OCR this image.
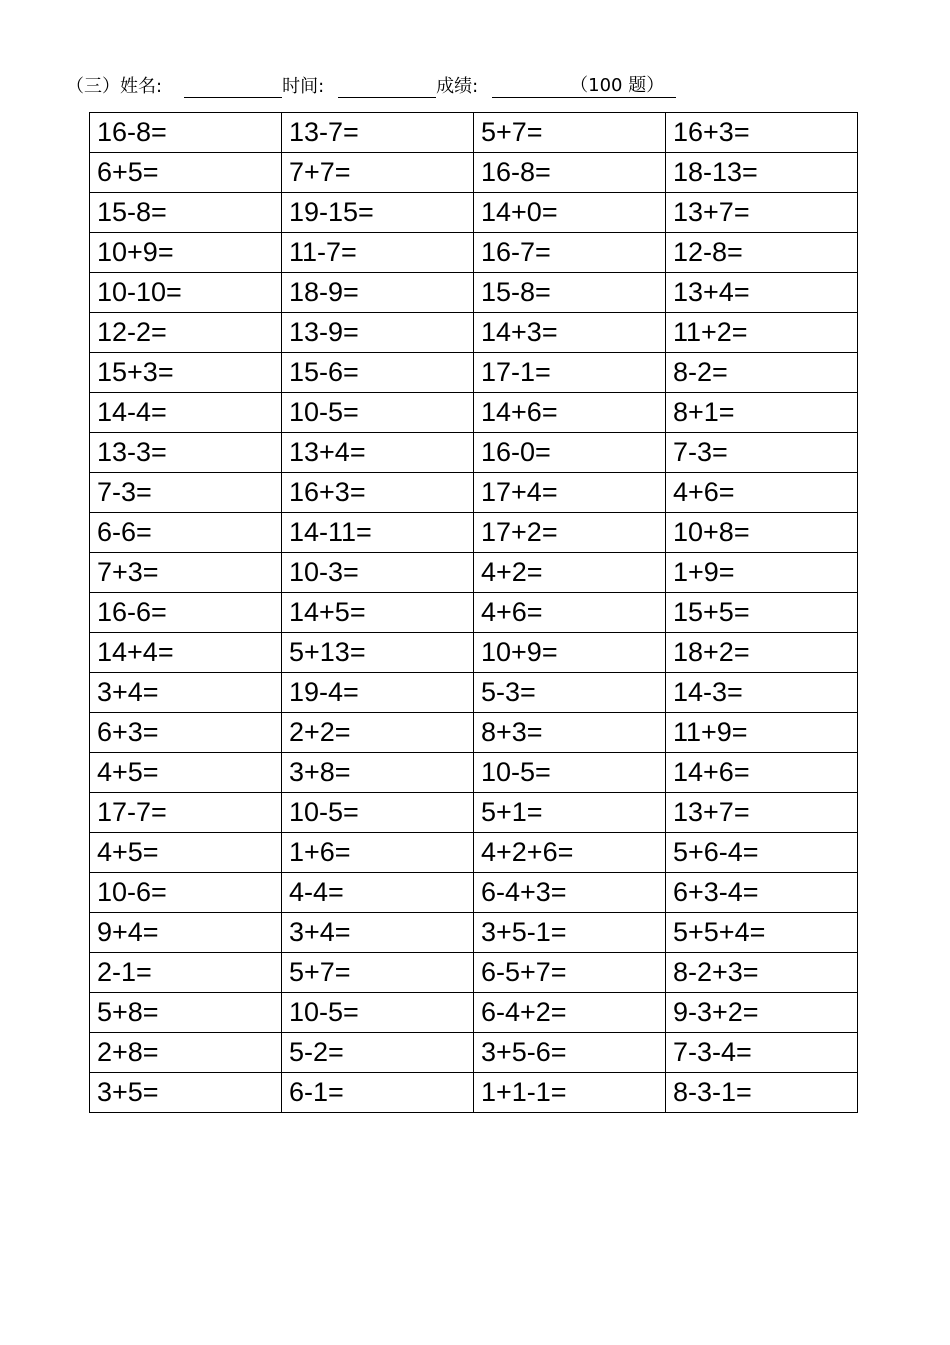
（三） 姓名:	时间:	成绩:	（100 题）
16-8=	13-7=	5+7=	16+3=
6+5=	7+7=	16-8=	18-13=
15-8=	19-15=	14+0=	13+7=
10+9=	11-7=	16-7=	12-8=
10-10=	18-9=	15-8=	13+4=
12-2=	13-9=	14+3=	11+2=
15+3=	15-6=	17-1=	8-2=
14-4=	10-5=	14+6=	8+1=
13-3=	13+4=	16-0=	7-3=
7-3=	16+3=	17+4=	4+6=
6-6=	14-11=	17+2=	10+8=
7+3=	10-3=	4+2=	1+9=
16-6=	14+5=	4+6=	15+5=
14+4=	5+13=	10+9=	18+2=
3+4=	19-4=	5-3=	14-3=
6+3=	2+2=	8+3=	11+9=
4+5=	3+8=	10-5=	14+6=
17-7=	10-5=	5+1=	13+7=
4+5=	1+6=	4+2+6=	5+6-4=
10-6=	4-4=	6-4+3=	6+3-4=
9+4=	3+4=	3+5-1=	5+5+4=
2-1=	5+7=	6-5+7=	8-2+3=
5+8=	10-5=	6-4+2=	9-3+2=
2+8=	5-2=	3+5-6=	7-3-4=
3+5=	6-1=	1+1-1=	8-3-1=
